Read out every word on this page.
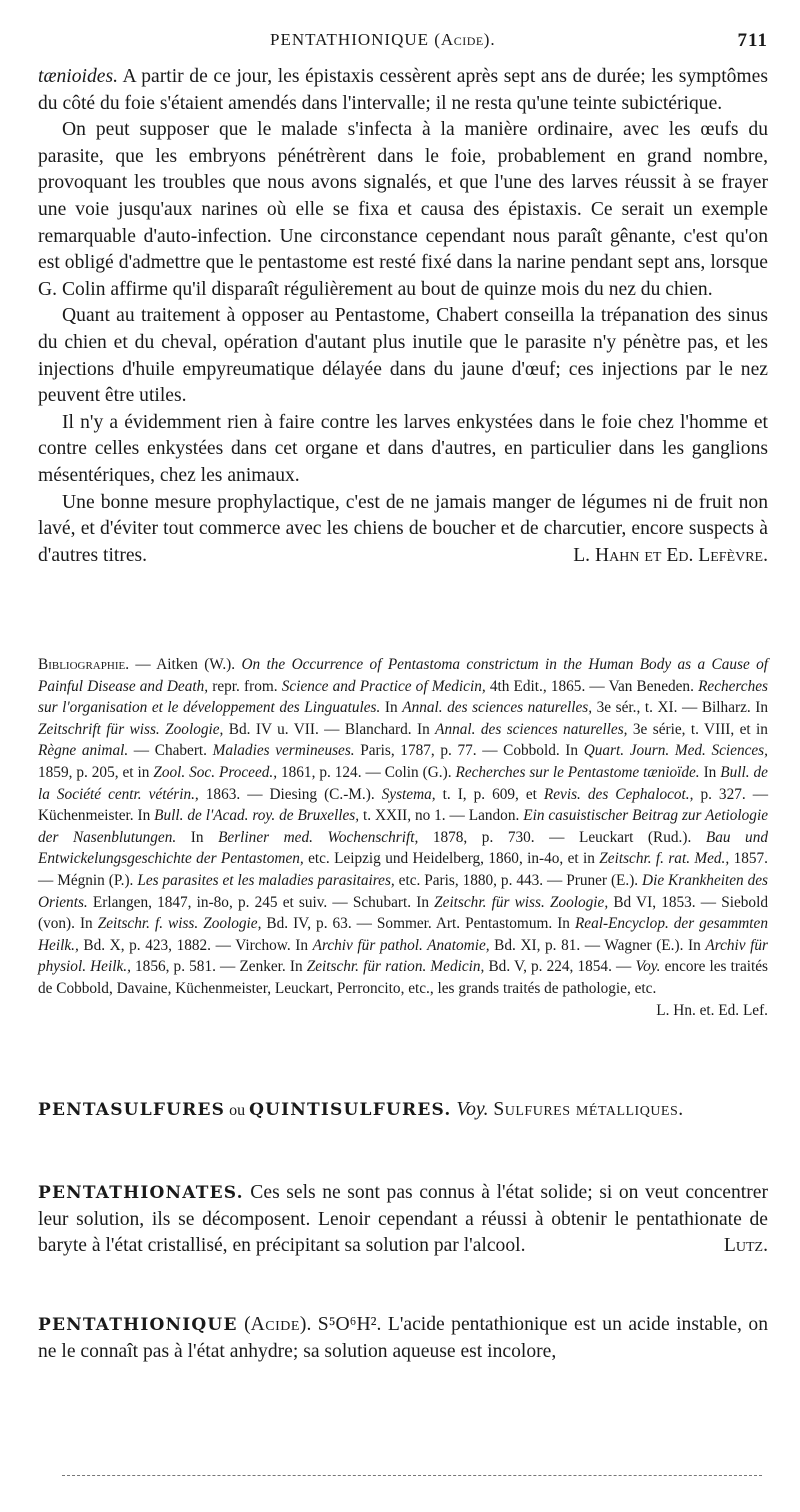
PENTATHIONIQUE (Acide).	711

tænioides. A partir de ce jour, les épistaxis cessèrent après sept ans de durée; les symptômes du côté du foie s'étaient amendés dans l'intervalle; il ne resta qu'une teinte subictérique.

On peut supposer que le malade s'infecta à la manière ordinaire, avec les œufs du parasite, que les embryons pénétrèrent dans le foie, probablement en grand nombre, provoquant les troubles que nous avons signalés, et que l'une des larves réussit à se frayer une voie jusqu'aux narines où elle se fixa et causa des épistaxis. Ce serait un exemple remarquable d'auto-infection. Une circonstance cependant nous paraît gênante, c'est qu'on est obligé d'admettre que le pentastome est resté fixé dans la narine pendant sept ans, lorsque G. Colin affirme qu'il disparaît régulièrement au bout de quinze mois du nez du chien.

Quant au traitement à opposer au Pentastome, Chabert conseilla la trépanation des sinus du chien et du cheval, opération d'autant plus inutile que le parasite n'y pénètre pas, et les injections d'huile empyreumatique délayée dans du jaune d'œuf; ces injections par le nez peuvent être utiles.

Il n'y a évidemment rien à faire contre les larves enkystées dans le foie chez l'homme et contre celles enkystées dans cet organe et dans d'autres, en particulier dans les ganglions mésentériques, chez les animaux.

Une bonne mesure prophylactique, c'est de ne jamais manger de légumes ni de fruit non lavé, et d'éviter tout commerce avec les chiens de boucher et de charcutier, encore suspects à d'autres titres.	L. Hahn et Ed. Lefèvre.

Bibliographie. — Aitken (W.). On the Occurrence of Pentastoma constrictum in the Human Body as a Cause of Painful Disease and Death, repr. from. Science and Practice of Medicin, 4th Edit., 1865. — Van Beneden. Recherches sur l'organisation et le développement des Linguatules. In Annal. des sciences naturelles, 3e sér., t. XI. — Bilharz. In Zeitschrift für wiss. Zoologie, Bd. IV u. VII. — Blanchard. In Annal. des sciences naturelles, 3e série, t. VIII, et in Règne animal. — Chabert. Maladies vermineuses. Paris, 1787, p. 77. — Cobbold. In Quart. Journ. Med. Sciences, 1859, p. 205, et in Zool. Soc. Proceed., 1861, p. 124. — Colin (G.). Recherches sur le Pentastome tænioïde. In Bull. de la Société centr. vétérin., 1863. — Diesing (C.-M.). Systema, t. I, p. 609, et Revis. des Cephalocot., p. 327. — Küchenmeister. In Bull. de l'Acad. roy. de Bruxelles, t. XXII, no 1. — Landon. Ein casuistischer Beitrag zur Aetiologie der Nasenblutungen. In Berliner med. Wochenschrift, 1878, p. 730. — Leuckart (Rud.). Bau und Entwickelungsgeschichte der Pentastomen, etc. Leipzig und Heidelberg, 1860, in-4o, et in Zeitschr. f. rat. Med., 1857. — Mégnin (P.). Les parasites et les maladies parasitaires, etc. Paris, 1880, p. 443. — Pruner (E.). Die Krankheiten des Orients. Erlangen, 1847, in-8o, p. 245 et suiv. — Schubart. In Zeitschr. für wiss. Zoologie, Bd VI, 1853. — Siebold (von). In Zeitschr. f. wiss. Zoologie, Bd. IV, p. 63. — Sommer. Art. Pentastomum. In Real-Encyclop. der gesammten Heilk., Bd. X, p. 423, 1882. — Virchow. In Archiv für pathol. Anatomie, Bd. XI, p. 81. — Wagner (E.). In Archiv für physiol. Heilk., 1856, p. 581. — Zenker. In Zeitschr. für ration. Medicin, Bd. V, p. 224, 1854. — Voy. encore les traités de Cobbold, Davaine, Küchenmeister, Leuckart, Perroncito, etc., les grands traités de pathologie, etc.
L. Hn. et. Ed. Lef.

PENTASULFURES ou QUINTISULFURES. Voy. Sulfures métalliques.

PENTATHIONATES. Ces sels ne sont pas connus à l'état solide; si on veut concentrer leur solution, ils se décomposent. Lenoir cependant a réussi à obtenir le pentathionate de baryte à l'état cristallisé, en précipitant sa solution par l'alcool.	Lutz.

PENTATHIONIQUE (Acide). S⁵O⁶H². L'acide pentathionique est un acide instable, on ne le connaît pas à l'état anhydre; sa solution aqueuse est incolore,
